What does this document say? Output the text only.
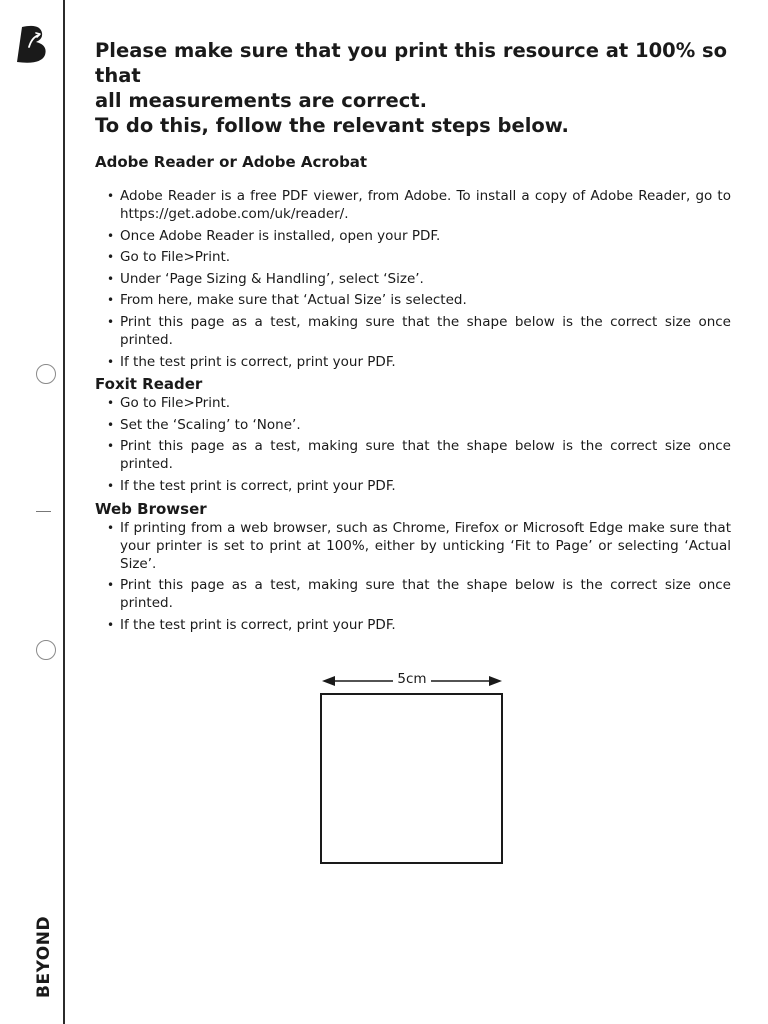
BEYOND
Please make sure that you print this resource at 100% so that
all measurements are correct.
To do this, follow the relevant steps below.
Adobe Reader or Adobe Acrobat
• Adobe Reader is a free PDF viewer, from Adobe. To install a copy of Adobe Reader, go to https://get.adobe.com/uk/reader/.
• Once Adobe Reader is installed, open your PDF.
• Go to File>Print.
• Under ‘Page Sizing & Handling’, select ‘Size’.
• From here, make sure that ‘Actual Size’ is selected.
• Print this page as a test, making sure that the shape below is the correct size once printed.
• If the test print is correct, print your PDF.
Foxit Reader
• Go to File>Print.
• Set the ‘Scaling’ to ‘None’.
• Print this page as a test, making sure that the shape below is the correct size once printed.
• If the test print is correct, print your PDF.
Web Browser
• If printing from a web browser, such as Chrome, Firefox or Microsoft Edge make sure that your printer is set to print at 100%, either by unticking ‘Fit to Page’ or selecting ‘Actual Size’.
• Print this page as a test, making sure that the shape below is the correct size once printed.
• If the test print is correct, print your PDF.
5cm
